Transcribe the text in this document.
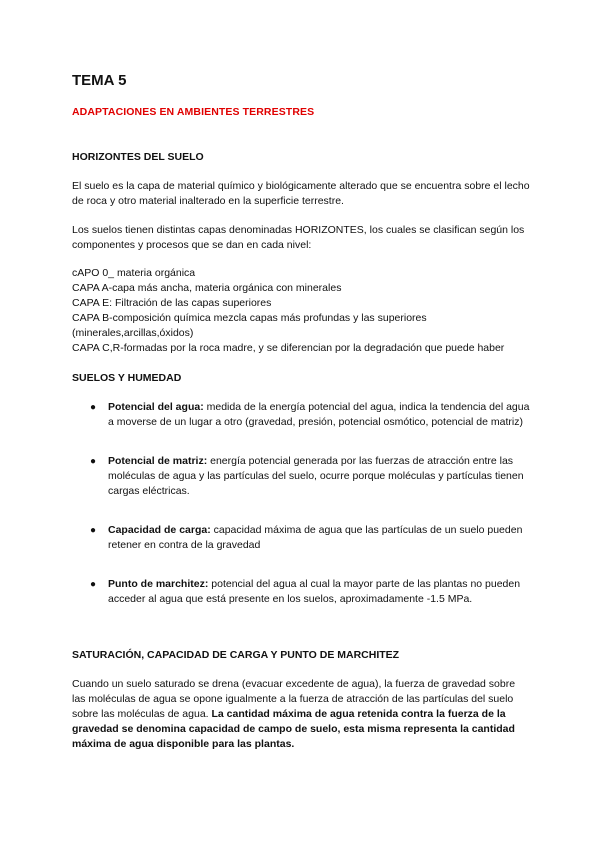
TEMA 5
ADAPTACIONES EN AMBIENTES TERRESTRES
HORIZONTES DEL SUELO

El suelo es la capa de material químico y biológicamente alterado que se encuentra sobre el lecho de roca y otro material inalterado en la superficie terrestre.

Los suelos tienen distintas capas denominadas HORIZONTES, los cuales se clasifican según los componentes y procesos que se dan en cada nivel:

cAPO 0_ materia orgánica
CAPA A-capa más ancha, materia orgánica con minerales
CAPA E: Filtración de las capas superiores
CAPA B-composición química mezcla capas más profundas y las superiores (minerales,arcillas,óxidos)
CAPA C,R-formadas por la roca madre, y se diferencian por la degradación que puede haber
SUELOS Y HUMEDAD
● Potencial del agua: medida de la energía potencial del agua, indica la tendencia del agua a moverse de un lugar a otro (gravedad, presión, potencial osmótico, potencial de matriz)
● Potencial de matriz: energía potencial generada por las fuerzas de atracción entre las moléculas de agua y las partículas del suelo, ocurre porque moléculas y partículas tienen cargas eléctricas.
● Capacidad de carga: capacidad máxima de agua que las partículas de un suelo pueden retener en contra de la gravedad
● Punto de marchitez: potencial del agua al cual la mayor parte de las plantas no pueden acceder al agua que está presente en los suelos, aproximadamente -1.5 MPa.
SATURACIÓN, CAPACIDAD DE CARGA Y PUNTO DE MARCHITEZ

Cuando un suelo saturado se drena (evacuar excedente de agua), la fuerza de gravedad sobre las moléculas de agua se opone igualmente a la fuerza de atracción de las partículas del suelo sobre las moléculas de agua. La cantidad máxima de agua retenida contra la fuerza de la gravedad se denomina capacidad de campo de suelo, esta misma representa la cantidad máxima de agua disponible para las plantas.
